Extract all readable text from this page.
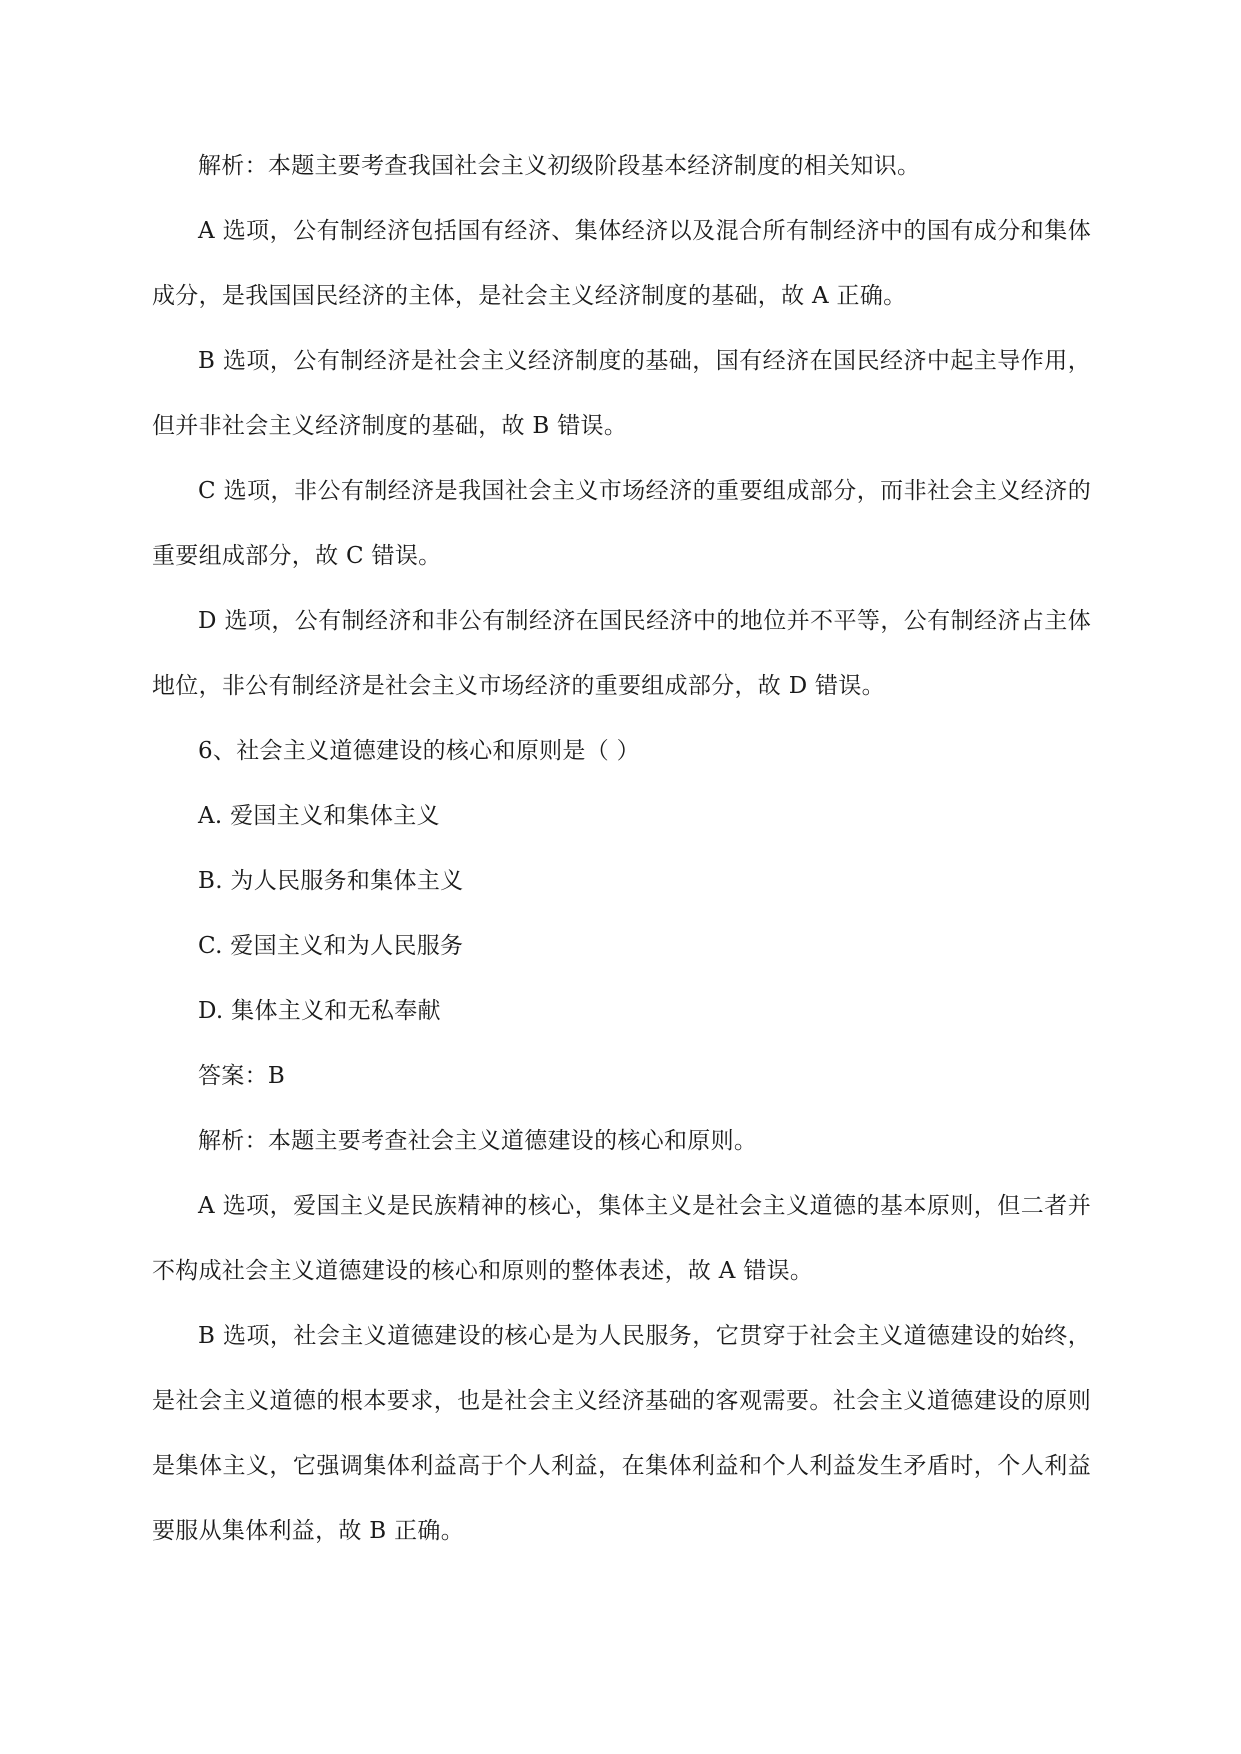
解析：本题主要考查我国社会主义初级阶段基本经济制度的相关知识。

A 选项，公有制经济包括国有经济、集体经济以及混合所有制经济中的国有成分和集体成分，是我国国民经济的主体，是社会主义经济制度的基础，故 A 正确。

B 选项，公有制经济是社会主义经济制度的基础，国有经济在国民经济中起主导作用，但并非社会主义经济制度的基础，故 B 错误。

C 选项，非公有制经济是我国社会主义市场经济的重要组成部分，而非社会主义经济的重要组成部分，故 C 错误。

D 选项，公有制经济和非公有制经济在国民经济中的地位并不平等，公有制经济占主体地位，非公有制经济是社会主义市场经济的重要组成部分，故 D 错误。

6、社会主义道德建设的核心和原则是（ ）

A. 爱国主义和集体主义

B. 为人民服务和集体主义

C. 爱国主义和为人民服务

D. 集体主义和无私奉献

答案：B

解析：本题主要考查社会主义道德建设的核心和原则。

A 选项，爱国主义是民族精神的核心，集体主义是社会主义道德的基本原则，但二者并不构成社会主义道德建设的核心和原则的整体表述，故 A 错误。

B 选项，社会主义道德建设的核心是为人民服务，它贯穿于社会主义道德建设的始终，是社会主义道德的根本要求，也是社会主义经济基础的客观需要。社会主义道德建设的原则是集体主义，它强调集体利益高于个人利益，在集体利益和个人利益发生矛盾时，个人利益要服从集体利益，故 B 正确。
